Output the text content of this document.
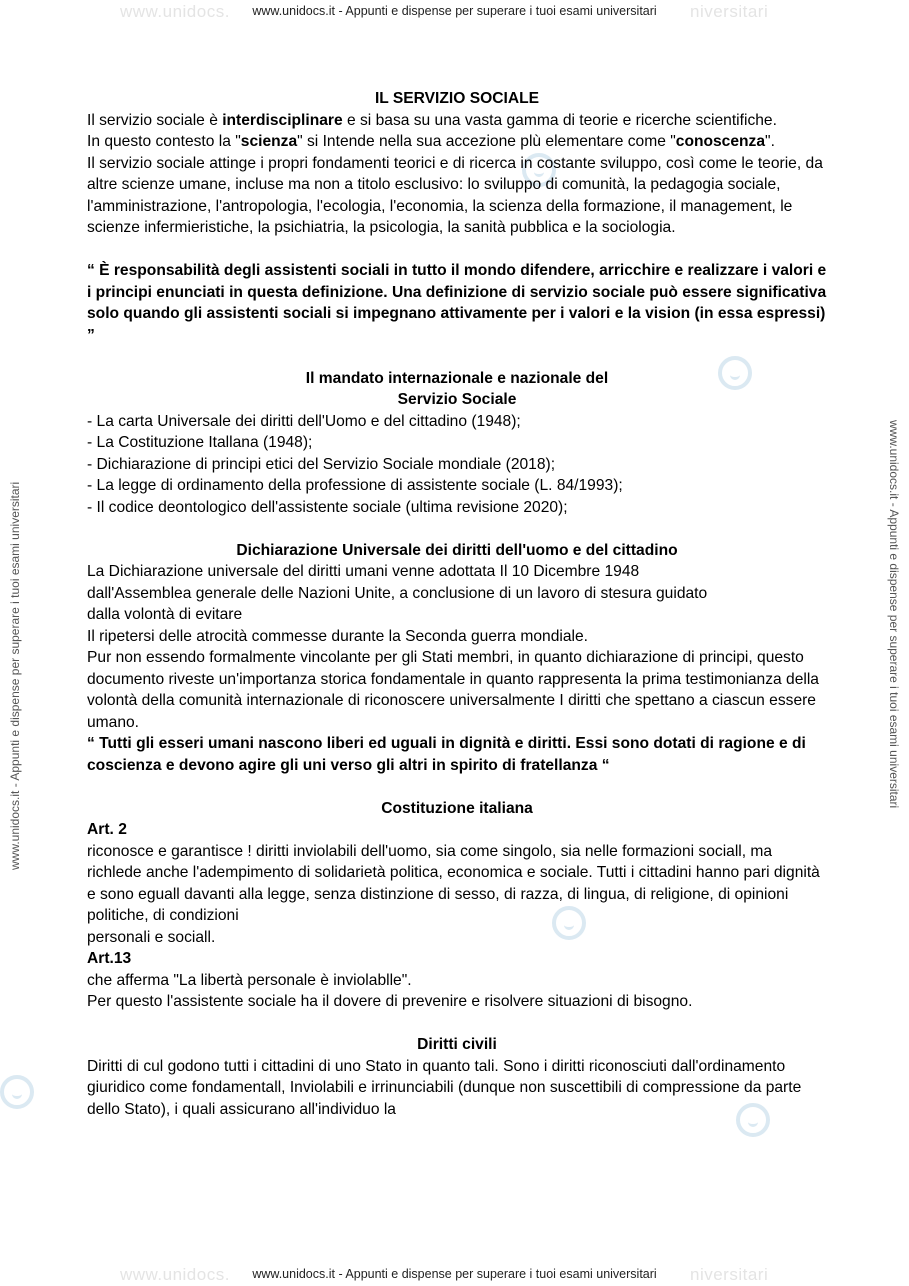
www.unidocs.	niversitari
www.unidocs.it - Appunti e dispense per superare i tuoi esami universitari
www.unidocs.	niversitari
www.unidocs.it - Appunti e dispense per superare i tuoi esami universitari
www.unidocs.it - Appunti e dispense per superare i tuoi esami universitari	www.unidocs.it - Appunti e dispense per superare i tuoi esami universitari

IL SERVIZIO SOCIALE

Il servizio sociale è interdisciplinare e si basa su una vasta gamma di teorie e ricerche scientifiche.

In questo contesto la "scienza" si Intende nella sua accezione plù elementare come "conoscenza".

Il servizio sociale attinge i propri fondamenti teorici e di ricerca in costante sviluppo, così come le teorie, da altre scienze umane, incluse ma non a titolo esclusivo: lo sviluppo di comunità, la pedagogia sociale, l'amministrazione, l'antropologia, l'ecologia, l'economia, la scienza della formazione, il management, le scienze infermieristiche, la psichiatria, la psicologia, la sanità pubblica e la sociologia.

“ È responsabilità degli assistenti sociali in tutto il mondo difendere, arricchire e realizzare i valori e i principi enunciati in questa definizione. Una definizione di servizio sociale può essere significativa solo quando gli assistenti sociali si impegnano attivamente per i valori e la vision (in essa espressi) ”

Il mandato internazionale e nazionale del
Servizio Sociale
- La carta Universale dei diritti dell'Uomo e del cittadino (1948);
- La Costituzione Itallana (1948);
- Dichiarazione di principi etici del Servizio Sociale mondiale (2018);
- La legge di ordinamento della professione di assistente sociale (L. 84/1993);
- Il codice deontologico dell'assistente sociale (ultima revisione 2020);

Dichiarazione Universale dei diritti dell'uomo e del cittadino

La Dichiarazione universale del diritti umani venne adottata Il 10 Dicembre 1948
dall'Assemblea generale delle Nazioni Unite, a conclusione di un lavoro di stesura guidato
dalla volontà di evitare

Il ripetersi delle atrocità commesse durante la Seconda guerra mondiale.

Pur non essendo formalmente vincolante per gli Stati membri, in quanto dichiarazione di principi, questo documento riveste un'importanza storica fondamentale in quanto rappresenta la prima testimonianza della volontà della comunità internazionale di riconoscere universalmente I diritti che spettano a ciascun essere umano.

“ Tutti gli esseri umani nascono liberi ed uguali in dignità e diritti. Essi sono dotati di ragione e di coscienza e devono agire gli uni verso gli altri in spirito di fratellanza “

Costituzione italiana

Art. 2

riconosce e garantisce ! diritti inviolabili dell'uomo, sia come singolo, sia nelle formazioni sociall, ma richlede anche l'adempimento di solidarietà politica, economica e sociale. Tutti i cittadini hanno pari dignità e sono eguall davanti alla legge, senza distinzione di sesso, di razza, di lingua, di religione, di opinioni politiche, di condizioni

personali e sociall.

Art.13

che afferma "La libertà personale è inviolablle".

Per questo l'assistente sociale ha il dovere di prevenire e risolvere situazioni di bisogno.

Diritti civili

Diritti di cul godono tutti i cittadini di uno Stato in quanto tali. Sono i diritti riconosciuti dall'ordinamento giuridico come fondamentall, Inviolabili e irrinunciabili (dunque non suscettibili di compressione da parte dello Stato), i quali assicurano all'individuo la
